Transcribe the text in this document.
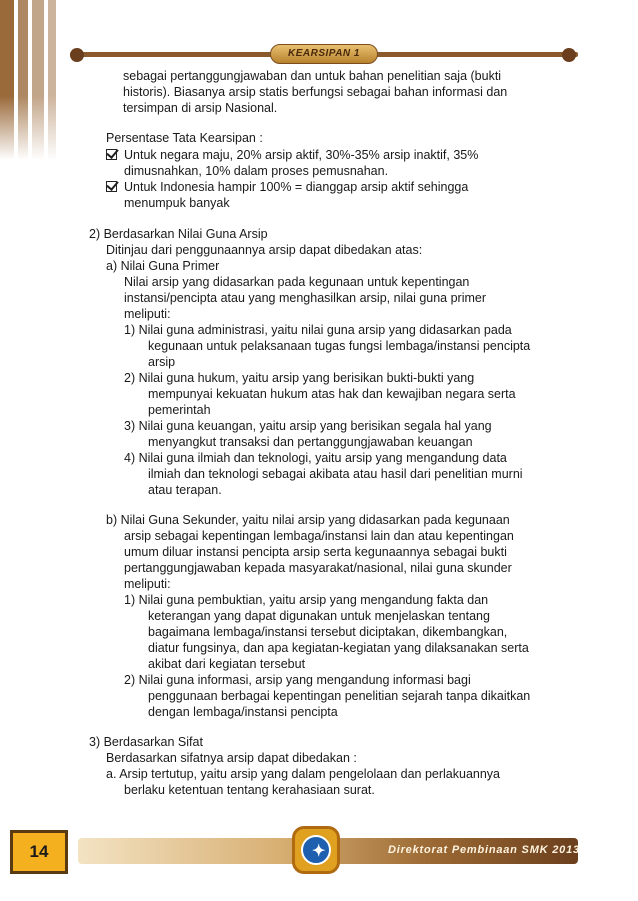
KEARSIPAN 1
sebagai pertanggungjawaban dan untuk bahan penelitian saja (bukti
historis). Biasanya arsip statis berfungsi sebagai bahan informasi dan
tersimpan di arsip Nasional.
Persentase Tata Kearsipan :
Untuk negara maju, 20% arsip aktif, 30%-35% arsip inaktif, 35%
dimusnahkan, 10% dalam proses pemusnahan.
Untuk Indonesia hampir 100% = dianggap arsip aktif sehingga
menumpuk banyak
2) Berdasarkan Nilai Guna Arsip
Ditinjau dari penggunaannya arsip dapat dibedakan atas:
a) Nilai Guna Primer
Nilai arsip yang didasarkan pada kegunaan untuk kepentingan
instansi/pencipta atau yang menghasilkan arsip, nilai guna primer
meliputi:
1) Nilai guna administrasi, yaitu nilai guna arsip yang didasarkan pada
kegunaan untuk pelaksanaan tugas fungsi lembaga/instansi pencipta
arsip
2) Nilai guna hukum, yaitu arsip yang berisikan bukti-bukti yang
mempunyai kekuatan hukum atas hak dan kewajiban negara serta
pemerintah
3) Nilai guna keuangan, yaitu arsip yang berisikan segala hal yang
menyangkut transaksi dan pertanggungjawaban keuangan
4) Nilai guna ilmiah dan teknologi, yaitu arsip yang mengandung data
ilmiah dan teknologi sebagai akibata atau hasil dari penelitian murni
atau terapan.
b) Nilai Guna Sekunder, yaitu nilai arsip yang didasarkan pada kegunaan
arsip sebagai kepentingan lembaga/instansi lain dan atau kepentingan
umum diluar instansi pencipta arsip serta kegunaannya sebagai bukti
pertanggungjawaban kepada masyarakat/nasional, nilai guna skunder
meliputi:
1) Nilai guna pembuktian, yaitu arsip yang mengandung fakta dan
keterangan yang dapat digunakan untuk menjelaskan tentang
bagaimana lembaga/instansi tersebut diciptakan, dikembangkan,
diatur fungsinya, dan apa kegiatan-kegiatan yang dilaksanakan serta
akibat dari kegiatan tersebut
2) Nilai guna informasi, arsip yang mengandung informasi bagi
penggunaan berbagai kepentingan penelitian sejarah tanpa dikaitkan
dengan lembaga/instansi pencipta
3) Berdasarkan Sifat
Berdasarkan sifatnya arsip dapat dibedakan :
a. Arsip tertutup, yaitu arsip yang dalam pengelolaan dan perlakuannya
berlaku ketentuan tentang kerahasiaan surat.
✦	Direktorat Pembinaan SMK 2013
14
